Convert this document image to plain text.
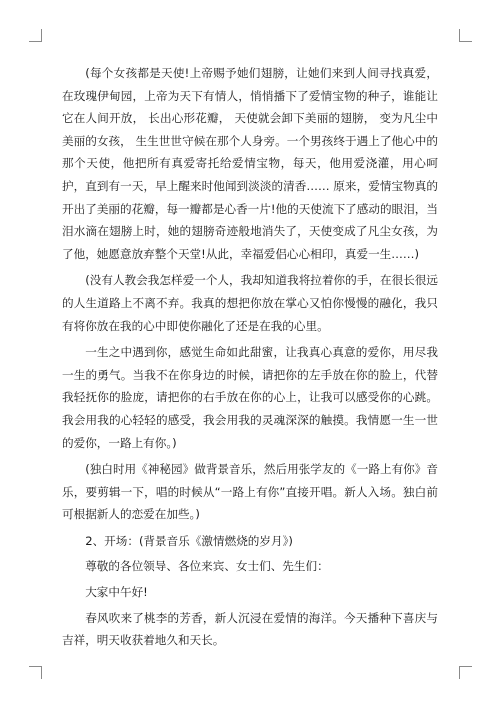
(每个女孩都是天使!上帝赐予她们翅膀，让她们来到人间寻找真爱，在玫瑰伊甸园，上帝为天下有情人，悄悄播下了爱情宝物的种子，谁能让它在人间开放， 长出心形花瓣， 天使就会卸下美丽的翅膀， 变为凡尘中美丽的女孩， 生生世世守候在那个人身旁。一个男孩终于遇上了他心中的那个天使，他把所有真爱寄托给爱情宝物，每天，他用爱浇灌，用心呵护，直到有一天，早上醒来时他闻到淡淡的清香…… 原来，爱情宝物真的开出了美丽的花瓣，每一瓣都是心香一片!他的天使流下了感动的眼泪，当泪水滴在翅膀上时，她的翅膀奇迹般地消失了，天使变成了凡尘女孩，为了他，她愿意放弃整个天堂!从此，幸福爱侣心心相印，真爱一生……)

(没有人教会我怎样爱一个人，我却知道我将拉着你的手，在很长很远的人生道路上不离不弃。我真的想把你放在掌心又怕你慢慢的融化，我只有将你放在我的心中即使你融化了还是在我的心里。

一生之中遇到你，感觉生命如此甜蜜，让我真心真意的爱你，用尽我一生的勇气。当我不在你身边的时候，请把你的左手放在你的脸上，代替我轻抚你的脸庞，请把你的右手放在你的心上，让我可以感受你的心跳。我会用我的心轻轻的感受，我会用我的灵魂深深的触摸。我情愿一生一世的爱你，一路上有你。)

(独白时用《神秘园》做背景音乐，然后用张学友的《一路上有你》音乐，要剪辑一下，唱的时候从“一路上有你”直接开唱。新人入场。独白前可根据新人的恋爱在加些。)

2、开场：(背景音乐《激情燃烧的岁月》)

尊敬的各位领导、各位来宾、女士们、先生们：

大家中午好!

春风吹来了桃李的芳香，新人沉浸在爱情的海洋。今天播种下喜庆与吉祥，明天收获着地久和天长。
